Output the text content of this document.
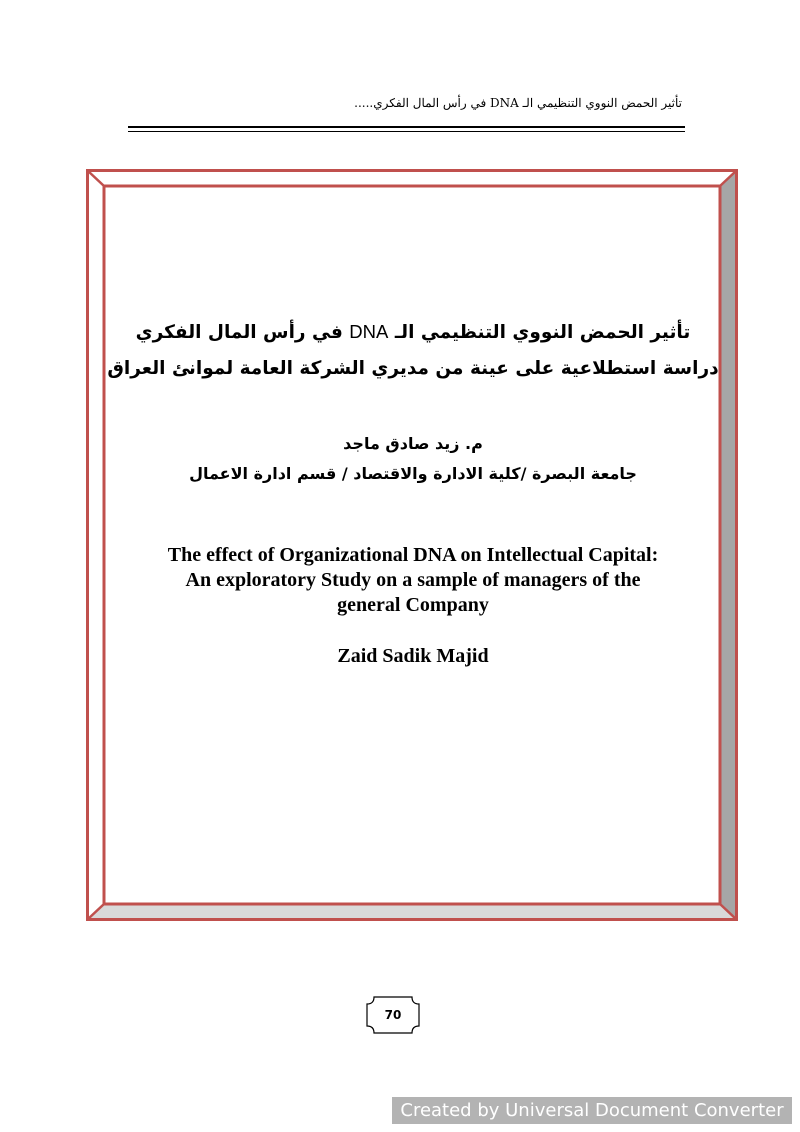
تأثير الحمض النووي التنظيمي الـ DNA في رأس المال الفكري.....
تأثير الحمض النووي التنظيمي الـ DNA في رأس المال الفكري
دراسة استطلاعية على عينة من مديري الشركة العامة لموانئ العراق
م. زيد صادق ماجد
جامعة البصرة /كلية الادارة والاقتصاد / قسم ادارة الاعمال
The effect of Organizational DNA on Intellectual Capital:
An exploratory Study on a sample of managers of the
general Company
Zaid Sadik Majid
70
Created by Universal Document Converter
